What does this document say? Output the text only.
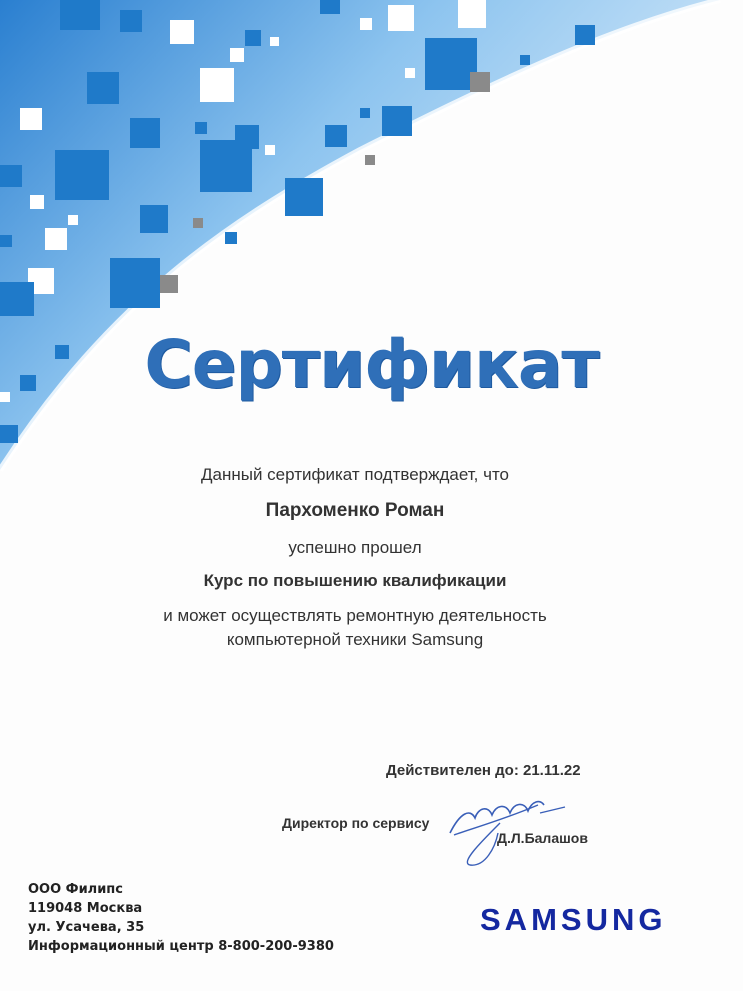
Сертификат
Данный сертификат подтверждает, что
Пархоменко Роман
успешно прошел
Курс по повышению квалификации
и может осуществлять ремонтную деятельность
компьютерной техники Samsung
Действителен до: 21.11.22
Директор по сервису
Д.Л.Балашов
ООО Филипс
119048 Москва
ул. Усачева, 35
Информационный центр 8-800-200-9380
SAMSUNG
